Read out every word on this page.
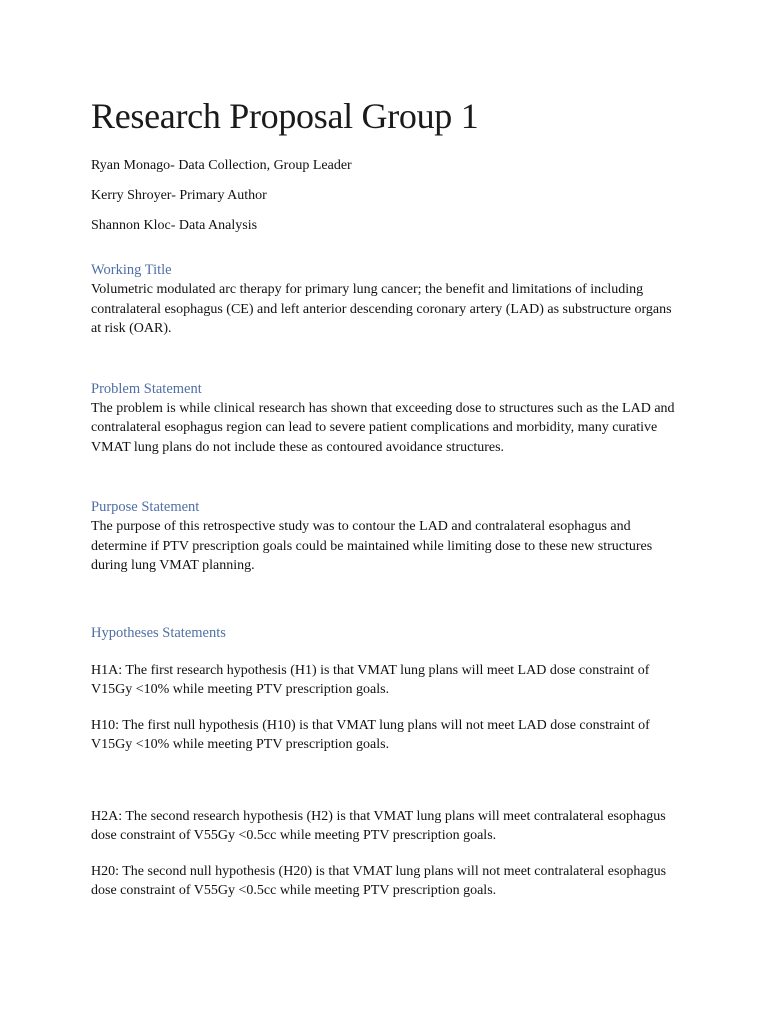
Research Proposal Group 1

Ryan Monago- Data Collection, Group Leader

Kerry Shroyer- Primary Author

Shannon Kloc- Data Analysis

Working Title

Volumetric modulated arc therapy for primary lung cancer; the benefit and limitations of including contralateral esophagus (CE) and left anterior descending coronary artery (LAD) as substructure organs at risk (OAR).

Problem Statement

The problem is while clinical research has shown that exceeding dose to structures such as the LAD and contralateral esophagus region can lead to severe patient complications and morbidity, many curative VMAT lung plans do not include these as contoured avoidance structures.

Purpose Statement

The purpose of this retrospective study was to contour the LAD and contralateral esophagus and determine if PTV prescription goals could be maintained while limiting dose to these new structures during lung VMAT planning.

Hypotheses Statements

H1A: The first research hypothesis (H1) is that VMAT lung plans will meet LAD dose constraint of V15Gy <10% while meeting PTV prescription goals.

H10: The first null hypothesis (H10) is that VMAT lung plans will not meet LAD dose constraint of V15Gy <10% while meeting PTV prescription goals.

H2A: The second research hypothesis (H2) is that VMAT lung plans will meet contralateral esophagus dose constraint of V55Gy <0.5cc while meeting PTV prescription goals.

H20: The second null hypothesis (H20) is that VMAT lung plans will not meet contralateral esophagus dose constraint of V55Gy <0.5cc while meeting PTV prescription goals.
